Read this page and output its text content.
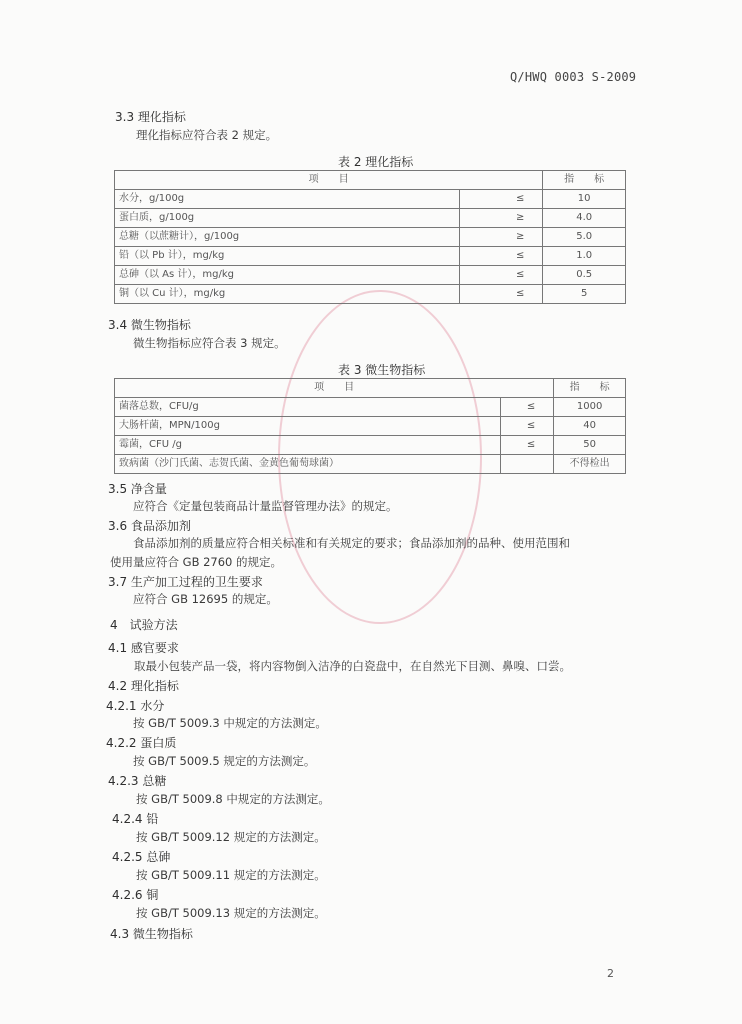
Q/HWQ 0003 S-2009
3.3 理化指标
理化指标应符合表 2 规定。
表 2 理化指标
项　　目		指　　标
水分，g/100g	≤	10
蛋白质，g/100g	≥	4.0
总糖（以蔗糖计），g/100g	≥	5.0
铅（以 Pb 计），mg/kg	≤	1.0
总砷（以 As 计），mg/kg	≤	0.5
铜（以 Cu 计），mg/kg	≤	5
3.4 微生物指标
微生物指标应符合表 3 规定。
表 3 微生物指标
项　　目		指　　标
菌落总数，CFU/g	≤	1000
大肠杆菌，MPN/100g	≤	40
霉菌，CFU /g	≤	50
致病菌（沙门氏菌、志贺氏菌、金黄色葡萄球菌）		不得检出
3.5 净含量
应符合《定量包装商品计量监督管理办法》的规定。
3.6 食品添加剂
食品添加剂的质量应符合相关标准和有关规定的要求；食品添加剂的品种、使用范围和
使用量应符合 GB 2760 的规定。
3.7 生产加工过程的卫生要求
应符合 GB 12695 的规定。
4　试验方法
4.1 感官要求
取最小包装产品一袋，将内容物倒入洁净的白瓷盘中，在自然光下目测、鼻嗅、口尝。
4.2 理化指标
4.2.1 水分
按 GB/T 5009.3 中规定的方法测定。
4.2.2 蛋白质
按 GB/T 5009.5 规定的方法测定。
4.2.3 总糖
按 GB/T 5009.8 中规定的方法测定。
4.2.4 铅
按 GB/T 5009.12 规定的方法测定。
4.2.5 总砷
按 GB/T 5009.11 规定的方法测定。
4.2.6 铜
按 GB/T 5009.13 规定的方法测定。
4.3 微生物指标
2
